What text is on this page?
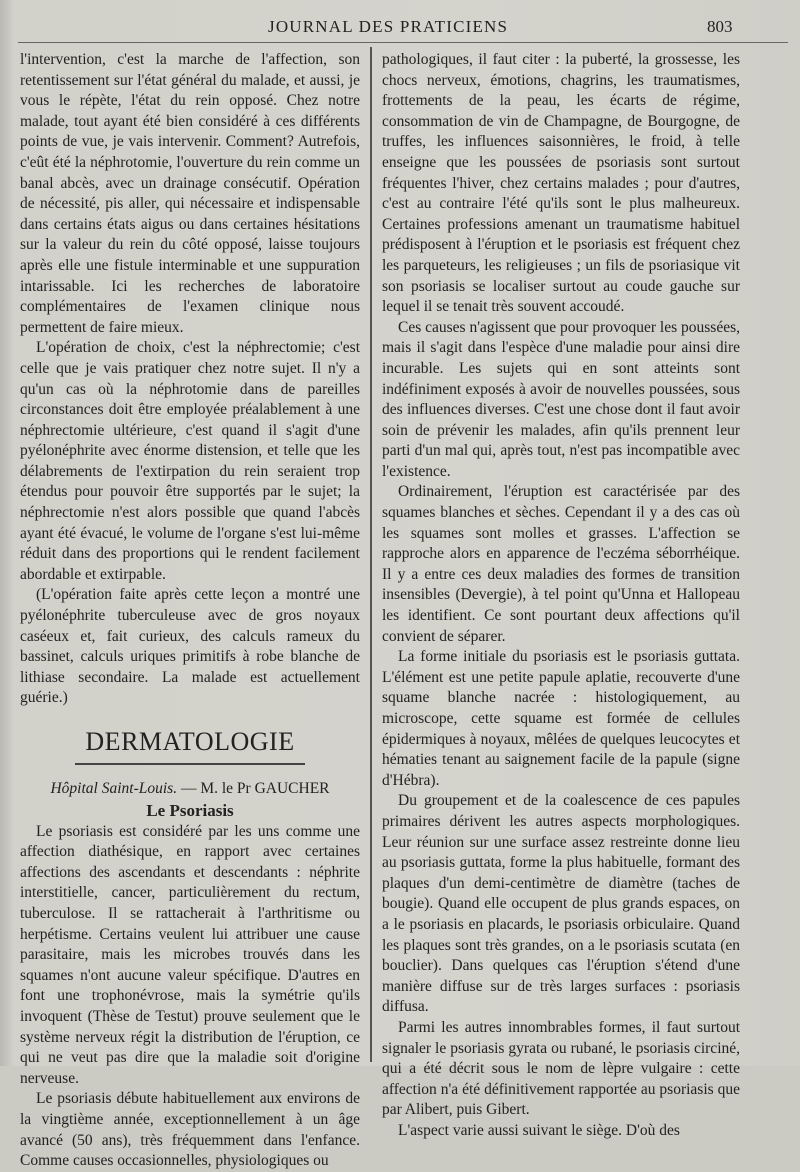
JOURNAL DES PRATICIENS	803

l'intervention, c'est la marche de l'affection, son retentissement sur l'état général du malade, et aussi, je vous le répète, l'état du rein opposé. Chez notre malade, tout ayant été bien considéré à ces différents points de vue, je vais intervenir. Comment? Autrefois, c'eût été la néphrotomie, l'ouverture du rein comme un banal abcès, avec un drainage consécutif. Opération de nécessité, pis aller, qui nécessaire et indispensable dans certains états aigus ou dans certaines hésitations sur la valeur du rein du côté opposé, laisse toujours après elle une fistule interminable et une suppuration intarissable. Ici les recherches de laboratoire complémentaires de l'examen clinique nous permettent de faire mieux.

L'opération de choix, c'est la néphrectomie; c'est celle que je vais pratiquer chez notre sujet. Il n'y a qu'un cas où la néphrotomie dans de pareilles circonstances doit être employée préalablement à une néphrectomie ultérieure, c'est quand il s'agit d'une pyélonéphrite avec énorme distension, et telle que les délabrements de l'extirpation du rein seraient trop étendus pour pouvoir être supportés par le sujet; la néphrectomie n'est alors possible que quand l'abcès ayant été évacué, le volume de l'organe s'est lui-même réduit dans des proportions qui le rendent facilement abordable et extirpable.

(L'opération faite après cette leçon a montré une pyélonéphrite tuberculeuse avec de gros noyaux caséeux et, fait curieux, des calculs rameux du bassinet, calculs uriques primitifs à robe blanche de lithiase secondaire. La malade est actuellement guérie.)

DERMATOLOGIE
Hôpital Saint-Louis. — M. le Pr GAUCHER
Le Psoriasis

Le psoriasis est considéré par les uns comme une affection diathésique, en rapport avec certaines affections des ascendants et descendants : néphrite interstitielle, cancer, particulièrement du rectum, tuberculose. Il se rattacherait à l'arthritisme ou herpétisme. Certains veulent lui attribuer une cause parasitaire, mais les microbes trouvés dans les squames n'ont aucune valeur spécifique. D'autres en font une trophonévrose, mais la symétrie qu'ils invoquent (Thèse de Testut) prouve seulement que le système nerveux régit la distribution de l'éruption, ce qui ne veut pas dire que la maladie soit d'origine nerveuse.

Le psoriasis débute habituellement aux environs de la vingtième année, exceptionnellement à un âge avancé (50 ans), très fréquemment dans l'enfance. Comme causes occasionnelles, physiologiques ou

pathologiques, il faut citer : la puberté, la grossesse, les chocs nerveux, émotions, chagrins, les traumatismes, frottements de la peau, les écarts de régime, consommation de vin de Champagne, de Bourgogne, de truffes, les influences saisonnières, le froid, à telle enseigne que les poussées de psoriasis sont surtout fréquentes l'hiver, chez certains malades ; pour d'autres, c'est au contraire l'été qu'ils sont le plus malheureux. Certaines professions amenant un traumatisme habituel prédisposent à l'éruption et le psoriasis est fréquent chez les parqueteurs, les religieuses ; un fils de psoriasique vit son psoriasis se localiser surtout au coude gauche sur lequel il se tenait très souvent accoudé.

Ces causes n'agissent que pour provoquer les poussées, mais il s'agit dans l'espèce d'une maladie pour ainsi dire incurable. Les sujets qui en sont atteints sont indéfiniment exposés à avoir de nouvelles poussées, sous des influences diverses. C'est une chose dont il faut avoir soin de prévenir les malades, afin qu'ils prennent leur parti d'un mal qui, après tout, n'est pas incompatible avec l'existence.

Ordinairement, l'éruption est caractérisée par des squames blanches et sèches. Cependant il y a des cas où les squames sont molles et grasses. L'affection se rapproche alors en apparence de l'eczéma séborrhéique. Il y a entre ces deux maladies des formes de transition insensibles (Devergie), à tel point qu'Unna et Hallopeau les identifient. Ce sont pourtant deux affections qu'il convient de séparer.

La forme initiale du psoriasis est le psoriasis guttata. L'élément est une petite papule aplatie, recouverte d'une squame blanche nacrée : histologiquement, au microscope, cette squame est formée de cellules épidermiques à noyaux, mêlées de quelques leucocytes et hématies tenant au saignement facile de la papule (signe d'Hébra).

Du groupement et de la coalescence de ces papules primaires dérivent les autres aspects morphologiques. Leur réunion sur une surface assez restreinte donne lieu au psoriasis guttata, forme la plus habituelle, formant des plaques d'un demi-centimètre de diamètre (taches de bougie). Quand elle occupent de plus grands espaces, on a le psoriasis en placards, le psoriasis orbiculaire. Quand les plaques sont très grandes, on a le psoriasis scutata (en bouclier). Dans quelques cas l'éruption s'étend d'une manière diffuse sur de très larges surfaces : psoriasis diffusa.

Parmi les autres innombrables formes, il faut surtout signaler le psoriasis gyrata ou rubané, le psoriasis circiné, qui a été décrit sous le nom de lèpre vulgaire : cette affection n'a été définitivement rapportée au psoriasis que par Alibert, puis Gibert.

L'aspect varie aussi suivant le siège. D'où des
